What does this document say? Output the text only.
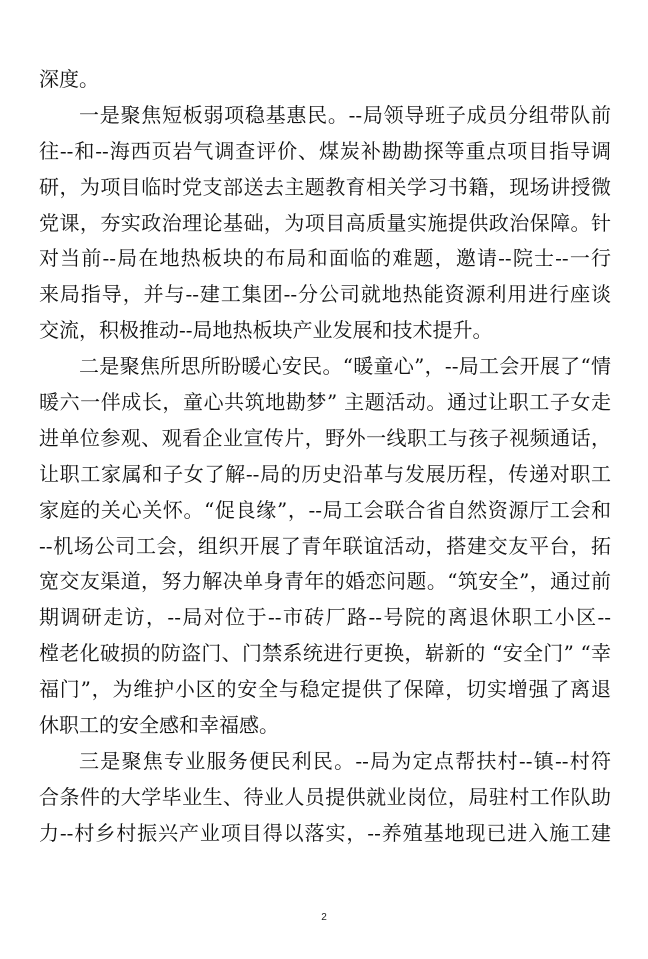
深度。
一是聚焦短板弱项稳基惠民。--局领导班子成员分组带队前
往--和--海西页岩气调查评价、煤炭补勘勘探等重点项目指导调
研，为项目临时党支部送去主题教育相关学习书籍，现场讲授微
党课，夯实政治理论基础，为项目高质量实施提供政治保障。针
对当前--局在地热板块的布局和面临的难题，邀请--院士--一行
来局指导，并与--建工集团--分公司就地热能资源利用进行座谈
交流，积极推动--局地热板块产业发展和技术提升。
二是聚焦所思所盼暖心安民。“暖童心”，--局工会开展了“情
暖六一伴成长，童心共筑地勘梦” 主题活动。通过让职工子女走
进单位参观、观看企业宣传片，野外一线职工与孩子视频通话，
让职工家属和子女了解--局的历史沿革与发展历程，传递对职工
家庭的关心关怀。“促良缘”，--局工会联合省自然资源厅工会和
--机场公司工会，组织开展了青年联谊活动，搭建交友平台，拓
宽交友渠道，努力解决单身青年的婚恋问题。“筑安全”，通过前
期调研走访，--局对位于--市砖厂路--号院的离退休职工小区--
樘老化破损的防盗门、门禁系统进行更换，崭新的 “安全门” “幸
福门”，为维护小区的安全与稳定提供了保障，切实增强了离退
休职工的安全感和幸福感。
三是聚焦专业服务便民利民。--局为定点帮扶村--镇--村符
合条件的大学毕业生、待业人员提供就业岗位，局驻村工作队助
力--村乡村振兴产业项目得以落实，--养殖基地现已进入施工建
2
